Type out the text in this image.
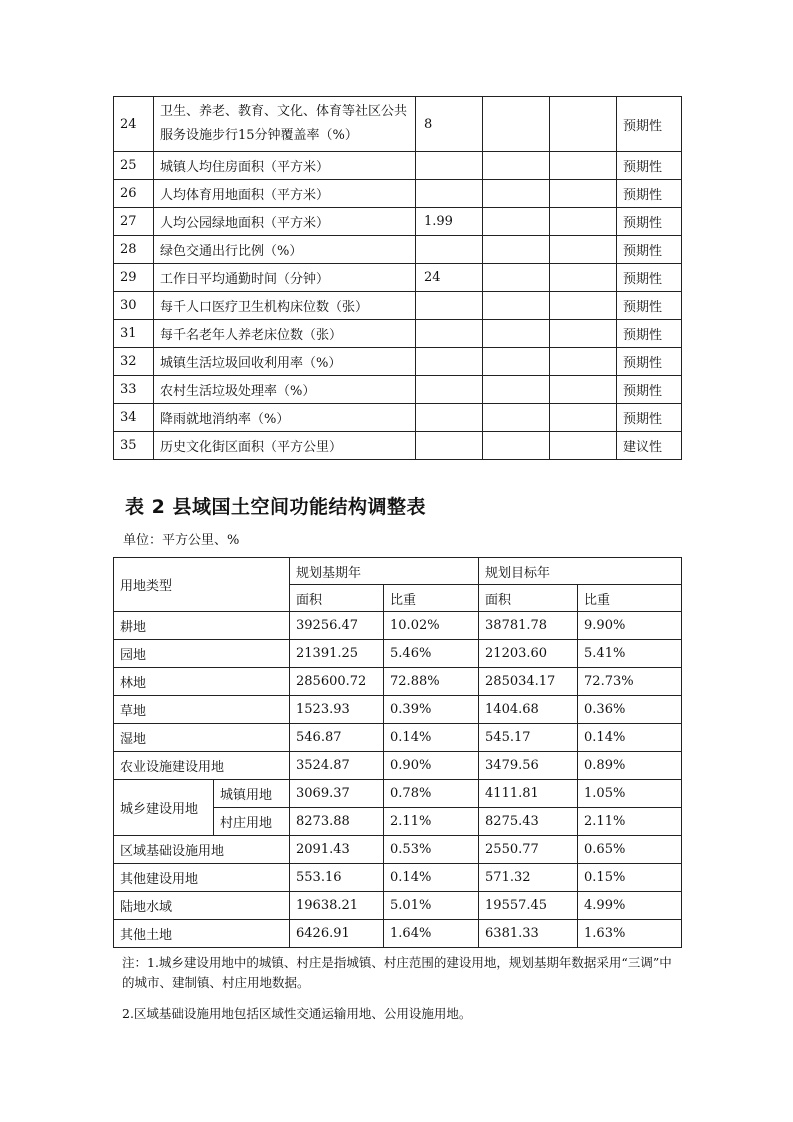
24	卫生、养老、教育、文化、体育等社区公共服务设施步行15分钟覆盖率（%）	8			预期性
25	城镇人均住房面积（平方米）				预期性
26	人均体育用地面积（平方米）				预期性
27	人均公园绿地面积（平方米）	1.99			预期性
28	绿色交通出行比例（%）				预期性
29	工作日平均通勤时间（分钟）	24			预期性
30	每千人口医疗卫生机构床位数（张）				预期性
31	每千名老年人养老床位数（张）				预期性
32	城镇生活垃圾回收利用率（%）				预期性
33	农村生活垃圾处理率（%）				预期性
34	降雨就地消纳率（%）				预期性
35	历史文化街区面积（平方公里）				建议性
表 2 县域国土空间功能结构调整表
单位：平方公里、%
用地类型		规划基期年		规划目标年	
		面积	比重	面积	比重
耕地		39256.47	10.02%	38781.78	9.90%
园地		21391.25	5.46%	21203.60	5.41%
林地		285600.72	72.88%	285034.17	72.73%
草地		1523.93	0.39%	1404.68	0.36%
湿地		546.87	0.14%	545.17	0.14%
农业设施建设用地		3524.87	0.90%	3479.56	0.89%
城乡建设用地	城镇用地	3069.37	0.78%	4111.81	1.05%
	村庄用地	8273.88	2.11%	8275.43	2.11%
区域基础设施用地		2091.43	0.53%	2550.77	0.65%
其他建设用地		553.16	0.14%	571.32	0.15%
陆地水域		19638.21	5.01%	19557.45	4.99%
其他土地		6426.91	1.64%	6381.33	1.63%
注：1.城乡建设用地中的城镇、村庄是指城镇、村庄范围的建设用地，规划基期年数据采用“三调”中的城市、建制镇、村庄用地数据。
2.区域基础设施用地包括区域性交通运输用地、公用设施用地。
